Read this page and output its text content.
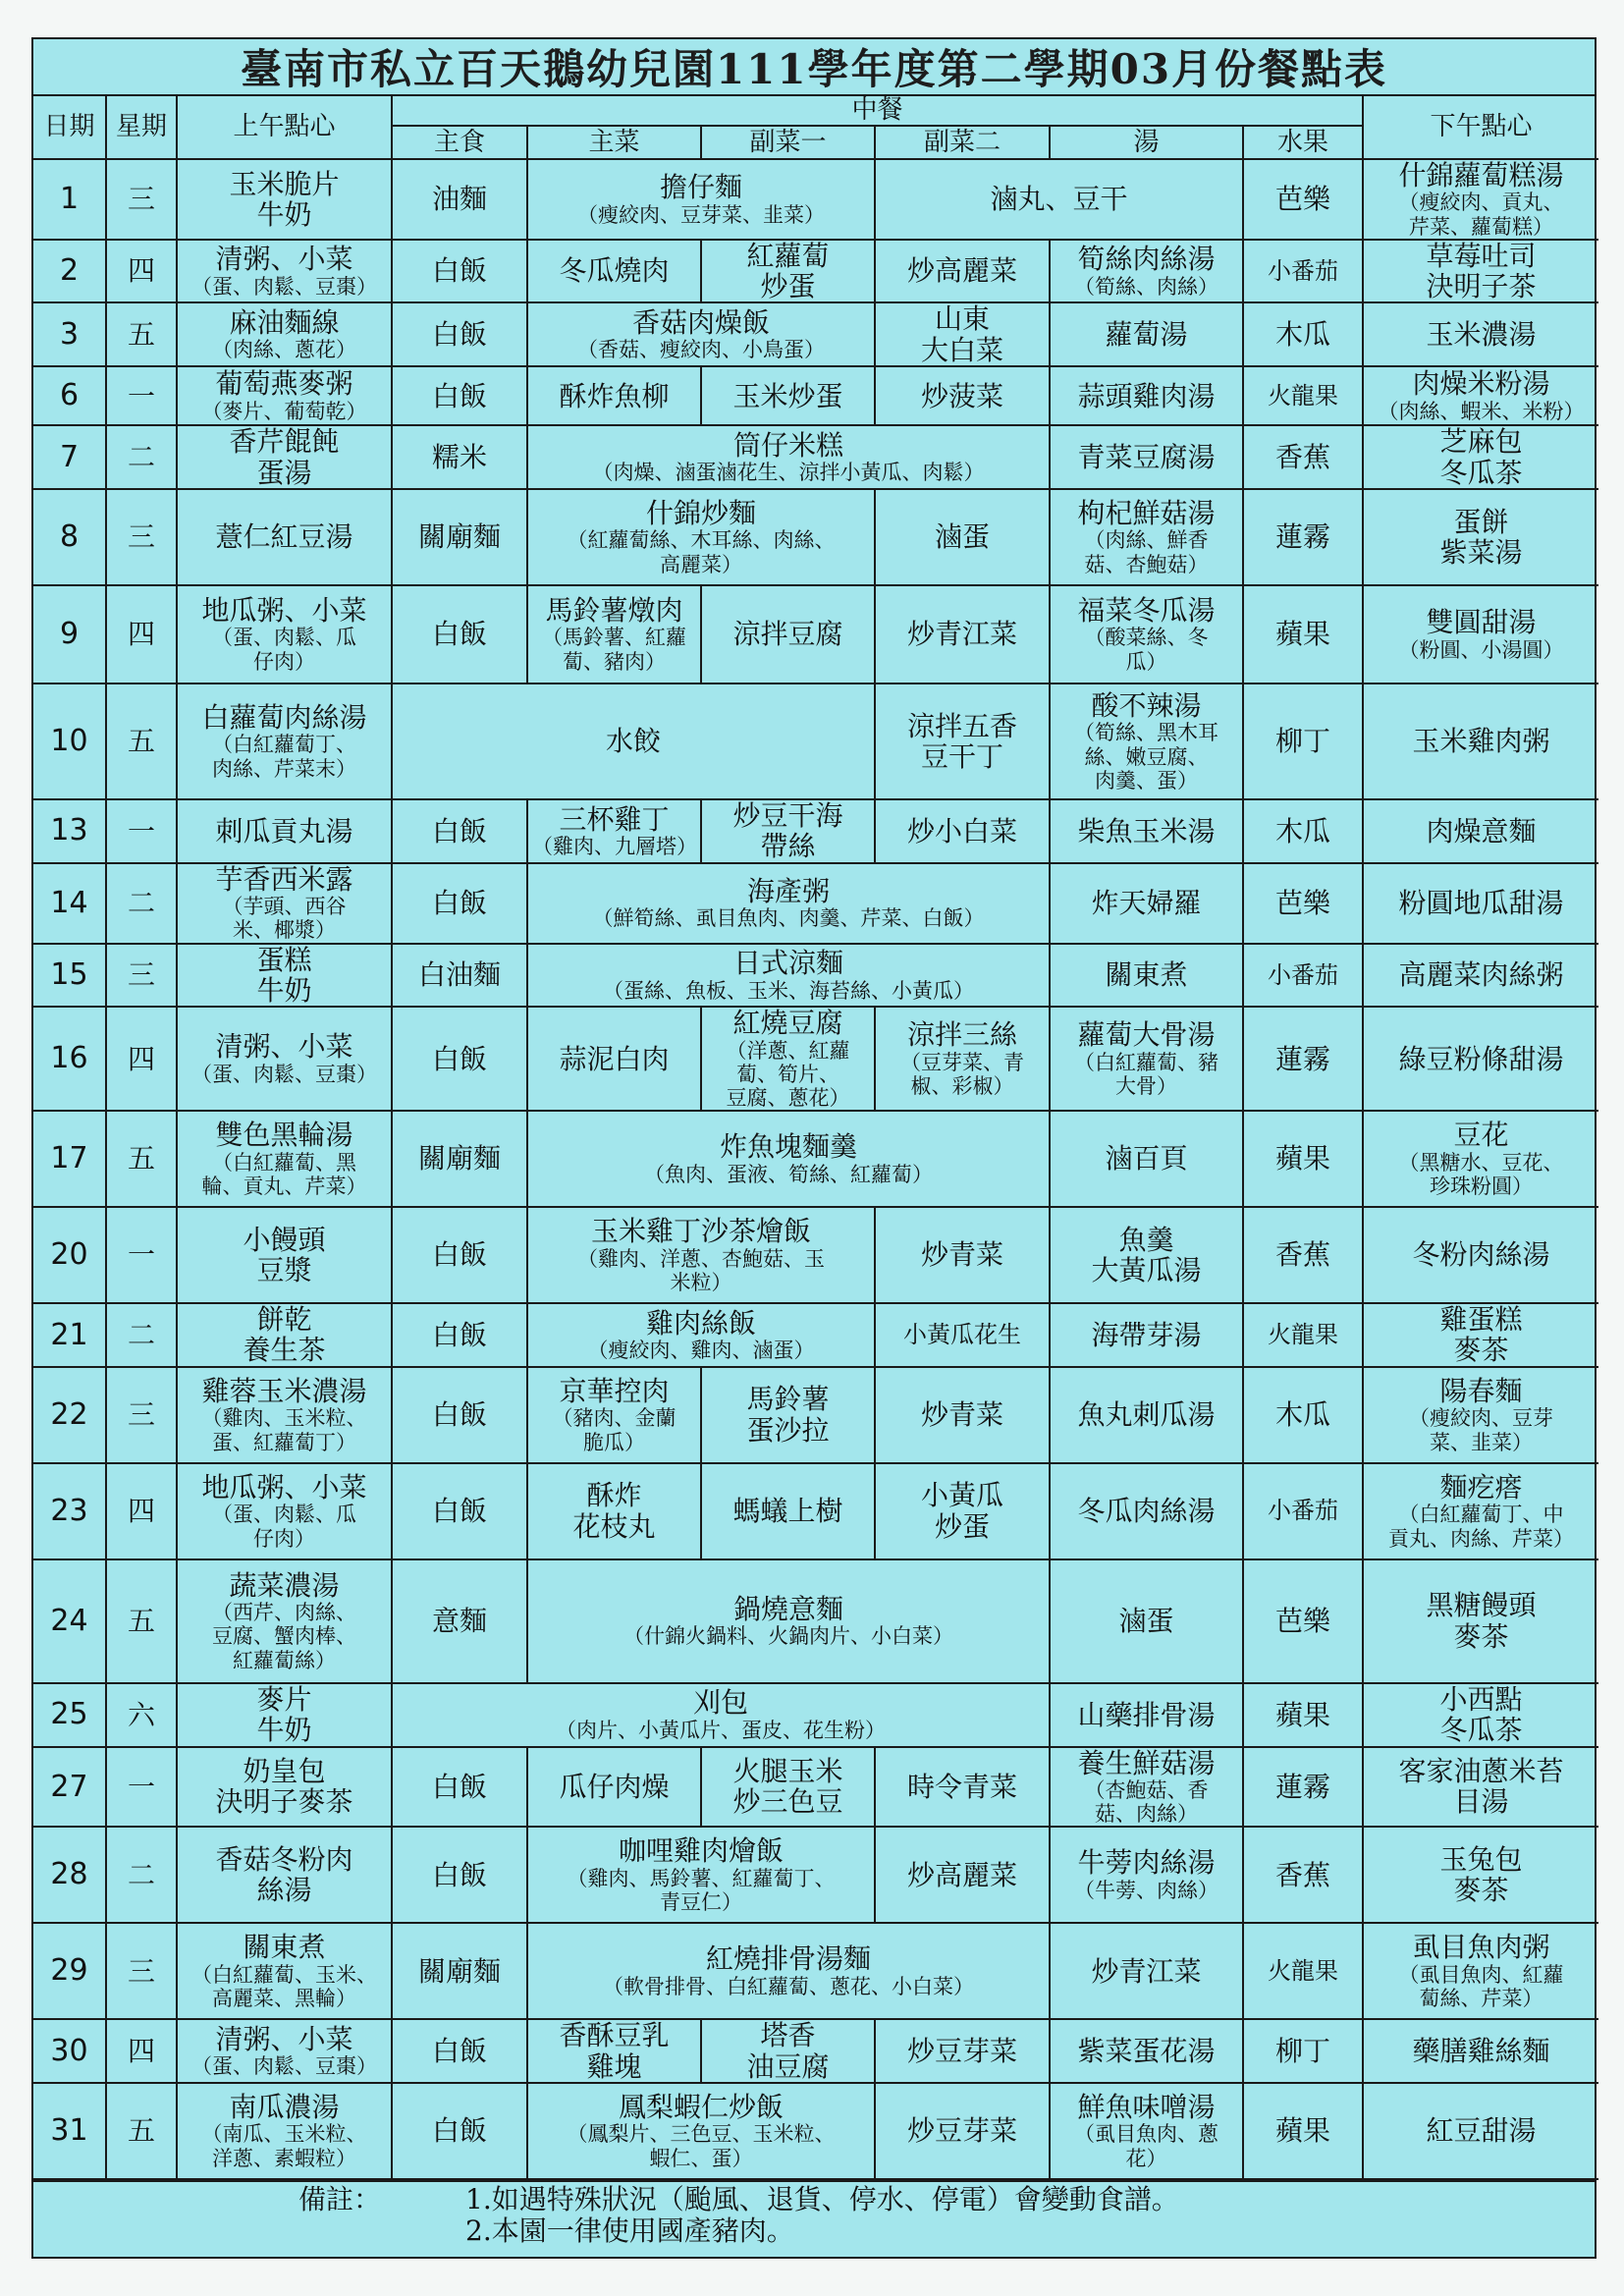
臺南市私立百天鵝幼兒園111學年度第二學期03月份餐點表
日期	星期	上午點心	中餐						下午點心
			主食	主菜	副菜一	副菜二	湯	水果	

1	三	玉米脆片
牛奶	油麵	擔仔麵
（瘦絞肉、豆芽菜、韭菜）		滷丸、豆干		芭樂	什錦蘿蔔糕湯
（瘦絞肉、貢丸、
芹菜、蘿蔔糕）

2	四	清粥、小菜
（蛋、肉鬆、豆棗）	白飯	冬瓜燒肉	紅蘿蔔
炒蛋	炒高麗菜	筍絲肉絲湯
（筍絲、肉絲）	小番茄	草莓吐司
決明子茶

3	五	麻油麵線
（肉絲、蔥花）	白飯	香菇肉燥飯
（香菇、瘦絞肉、小鳥蛋）		山東
大白菜	蘿蔔湯	木瓜	玉米濃湯

6	一	葡萄燕麥粥
（麥片、葡萄乾）	白飯	酥炸魚柳	玉米炒蛋	炒菠菜	蒜頭雞肉湯	火龍果	肉燥米粉湯
（肉絲、蝦米、米粉）

7	二	香芹餛飩
蛋湯	糯米	筒仔米糕
（肉燥、滷蛋滷花生、涼拌小黃瓜、肉鬆）			青菜豆腐湯	香蕉	芝麻包
冬瓜茶

8	三	薏仁紅豆湯	關廟麵	什錦炒麵
（紅蘿蔔絲、木耳絲、肉絲、
高麗菜）		滷蛋	枸杞鮮菇湯
（肉絲、鮮香
菇、杏鮑菇）	蓮霧	蛋餅
紫菜湯

9	四	地瓜粥、小菜
（蛋、肉鬆、瓜
仔肉）	白飯	馬鈴薯燉肉
（馬鈴薯、紅蘿
蔔、豬肉）	涼拌豆腐	炒青江菜	福菜冬瓜湯
（酸菜絲、冬
瓜）	蘋果	雙圓甜湯
（粉圓、小湯圓）

10	五	白蘿蔔肉絲湯
（白紅蘿蔔丁、
肉絲、芹菜末）	水餃			涼拌五香
豆干丁	酸不辣湯
（筍絲、黑木耳
絲、嫩豆腐、
肉羹、蛋）	柳丁	玉米雞肉粥

13	一	刺瓜貢丸湯	白飯	三杯雞丁
（雞肉、九層塔）	炒豆干海
帶絲	炒小白菜	柴魚玉米湯	木瓜	肉燥意麵

14	二	芋香西米露
（芋頭、西谷
米、椰漿）	白飯	海產粥
（鮮筍絲、虱目魚肉、肉羹、芹菜、白飯）			炸天婦羅	芭樂	粉圓地瓜甜湯

15	三	蛋糕
牛奶	白油麵	日式涼麵
（蛋絲、魚板、玉米、海苔絲、小黃瓜）			關東煮	小番茄	高麗菜肉絲粥

16	四	清粥、小菜
（蛋、肉鬆、豆棗）	白飯	蒜泥白肉	紅燒豆腐
（洋蔥、紅蘿
蔔、筍片、
豆腐、蔥花）	涼拌三絲
（豆芽菜、青
椒、彩椒）	蘿蔔大骨湯
（白紅蘿蔔、豬
大骨）	蓮霧	綠豆粉條甜湯

17	五	雙色黑輪湯
（白紅蘿蔔、黑
輪、貢丸、芹菜）	關廟麵	炸魚塊麵羹
（魚肉、蛋液、筍絲、紅蘿蔔）			滷百頁	蘋果	豆花
（黑糖水、豆花、
珍珠粉圓）

20	一	小饅頭
豆漿	白飯	玉米雞丁沙茶燴飯
（雞肉、洋蔥、杏鮑菇、玉
米粒）		炒青菜	魚羹
大黃瓜湯	香蕉	冬粉肉絲湯

21	二	餅乾
養生茶	白飯	雞肉絲飯
（瘦絞肉、雞肉、滷蛋）		小黃瓜花生	海帶芽湯	火龍果	雞蛋糕
麥茶

22	三	雞蓉玉米濃湯
（雞肉、玉米粒、
蛋、紅蘿蔔丁）	白飯	京華控肉
（豬肉、金蘭
脆瓜）	馬鈴薯
蛋沙拉	炒青菜	魚丸刺瓜湯	木瓜	陽春麵
（瘦絞肉、豆芽
菜、韭菜）

23	四	地瓜粥、小菜
（蛋、肉鬆、瓜
仔肉）	白飯	酥炸
花枝丸	螞蟻上樹	小黃瓜
炒蛋	冬瓜肉絲湯	小番茄	麵疙瘩
（白紅蘿蔔丁、中
貢丸、肉絲、芹菜）

24	五	蔬菜濃湯
（西芹、肉絲、
豆腐、蟹肉棒、
紅蘿蔔絲）	意麵	鍋燒意麵
（什錦火鍋料、火鍋肉片、小白菜）			滷蛋	芭樂	黑糖饅頭
麥茶

25	六	麥片
牛奶	刈包
（肉片、小黃瓜片、蛋皮、花生粉）				山藥排骨湯	蘋果	小西點
冬瓜茶

27	一	奶皇包
決明子麥茶	白飯	瓜仔肉燥	火腿玉米
炒三色豆	時令青菜	養生鮮菇湯
（杏鮑菇、香
菇、肉絲）	蓮霧	客家油蔥米苔
目湯

28	二	香菇冬粉肉
絲湯	白飯	咖哩雞肉燴飯
（雞肉、馬鈴薯、紅蘿蔔丁、
青豆仁）		炒高麗菜	牛蒡肉絲湯
（牛蒡、肉絲）	香蕉	玉兔包
麥茶

29	三	關東煮
（白紅蘿蔔、玉米、
高麗菜、黑輪）	關廟麵	紅燒排骨湯麵
（軟骨排骨、白紅蘿蔔、蔥花、小白菜）			炒青江菜	火龍果	虱目魚肉粥
（虱目魚肉、紅蘿
蔔絲、芹菜）

30	四	清粥、小菜
（蛋、肉鬆、豆棗）	白飯	香酥豆乳
雞塊	塔香
油豆腐	炒豆芽菜	紫菜蛋花湯	柳丁	藥膳雞絲麵

31	五	南瓜濃湯
（南瓜、玉米粒、
洋蔥、素蝦粒）	白飯	鳳梨蝦仁炒飯
（鳳梨片、三色豆、玉米粒、
蝦仁、蛋）		炒豆芽菜	鮮魚味噌湯
（虱目魚肉、蔥
花）	蘋果	紅豆甜湯
備註：	1.如遇特殊狀況（颱風、退貨、停水、停電）會變動食譜。
2.本園一律使用國產豬肉。
